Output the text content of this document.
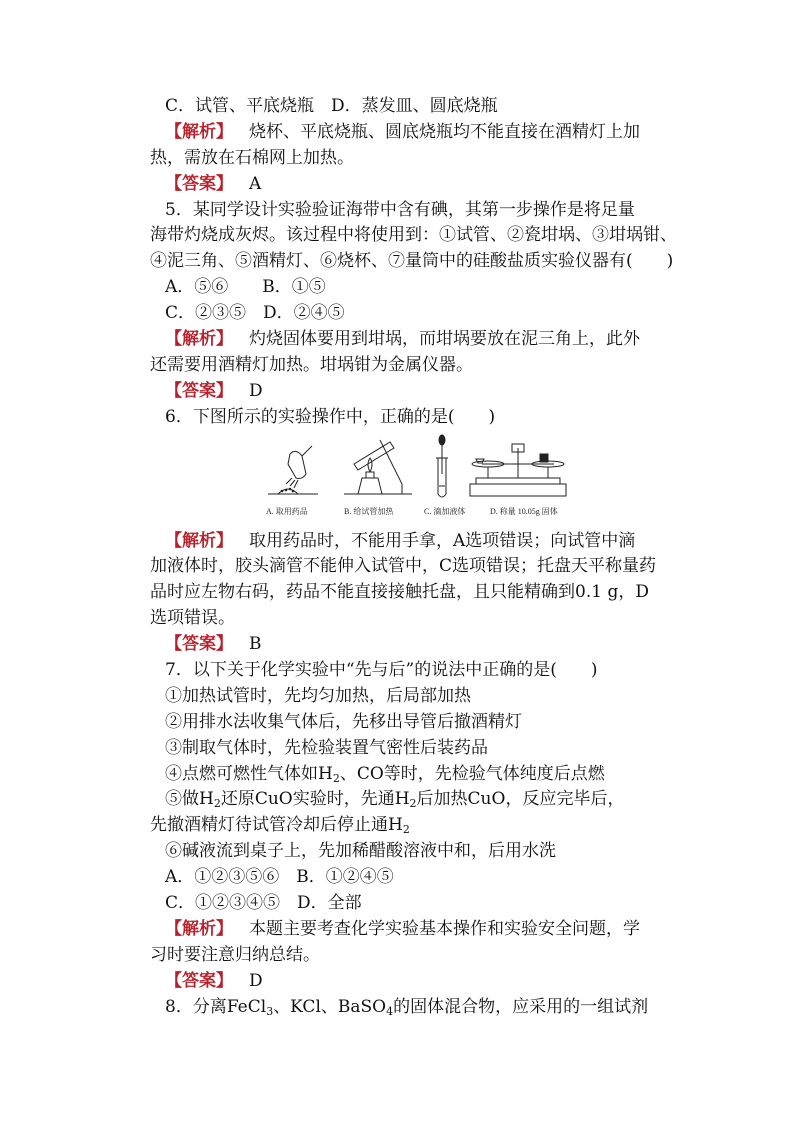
C．试管、平底烧瓶　D．蒸发皿、圆底烧瓶
【解析】 烧杯、平底烧瓶、圆底烧瓶均不能直接在酒精灯上加
热，需放在石棉网上加热。
【答案】 A
5．某同学设计实验验证海带中含有碘，其第一步操作是将足量
海带灼烧成灰烬。该过程中将使用到：①试管、②瓷坩埚、③坩埚钳、
④泥三角、⑤酒精灯、⑥烧杯、⑦量筒中的硅酸盐质实验仪器有(　　)
A．⑤⑥　　B．①⑤
C．②③⑤　D．②④⑤
【解析】 灼烧固体要用到坩埚，而坩埚要放在泥三角上，此外
还需要用酒精灯加热。坩埚钳为金属仪器。
【答案】 D
6．下图所示的实验操作中，正确的是(　　)
A. 取用药品	B. 给试管加热	C. 滴加液体	D. 称量 10.05g 固体
【解析】 取用药品时，不能用手拿，A选项错误；向试管中滴
加液体时，胶头滴管不能伸入试管中，C选项错误；托盘天平称量药
品时应左物右码，药品不能直接接触托盘，且只能精确到0.1 g，D
选项错误。
【答案】 B
7．以下关于化学实验中“先与后”的说法中正确的是(　　)
①加热试管时，先均匀加热，后局部加热
②用排水法收集气体后，先移出导管后撤酒精灯
③制取气体时，先检验装置气密性后装药品
④点燃可燃性气体如$H_2$、CO等时，先检验气体纯度后点燃
⑤做$H_2$还原CuO实验时，先通$H_2$后加热CuO，反应完毕后，
先撤酒精灯待试管冷却后停止通$H_2$
⑥碱液流到桌子上，先加稀醋酸溶液中和，后用水洗
A．①②③⑤⑥　B．①②④⑤
C．①②③④⑤　D．全部
【解析】 本题主要考查化学实验基本操作和实验安全问题，学
习时要注意归纳总结。
【答案】 D
8．分离FeCl$_3$、KCl、BaSO$_4$的固体混合物，应采用的一组试剂
